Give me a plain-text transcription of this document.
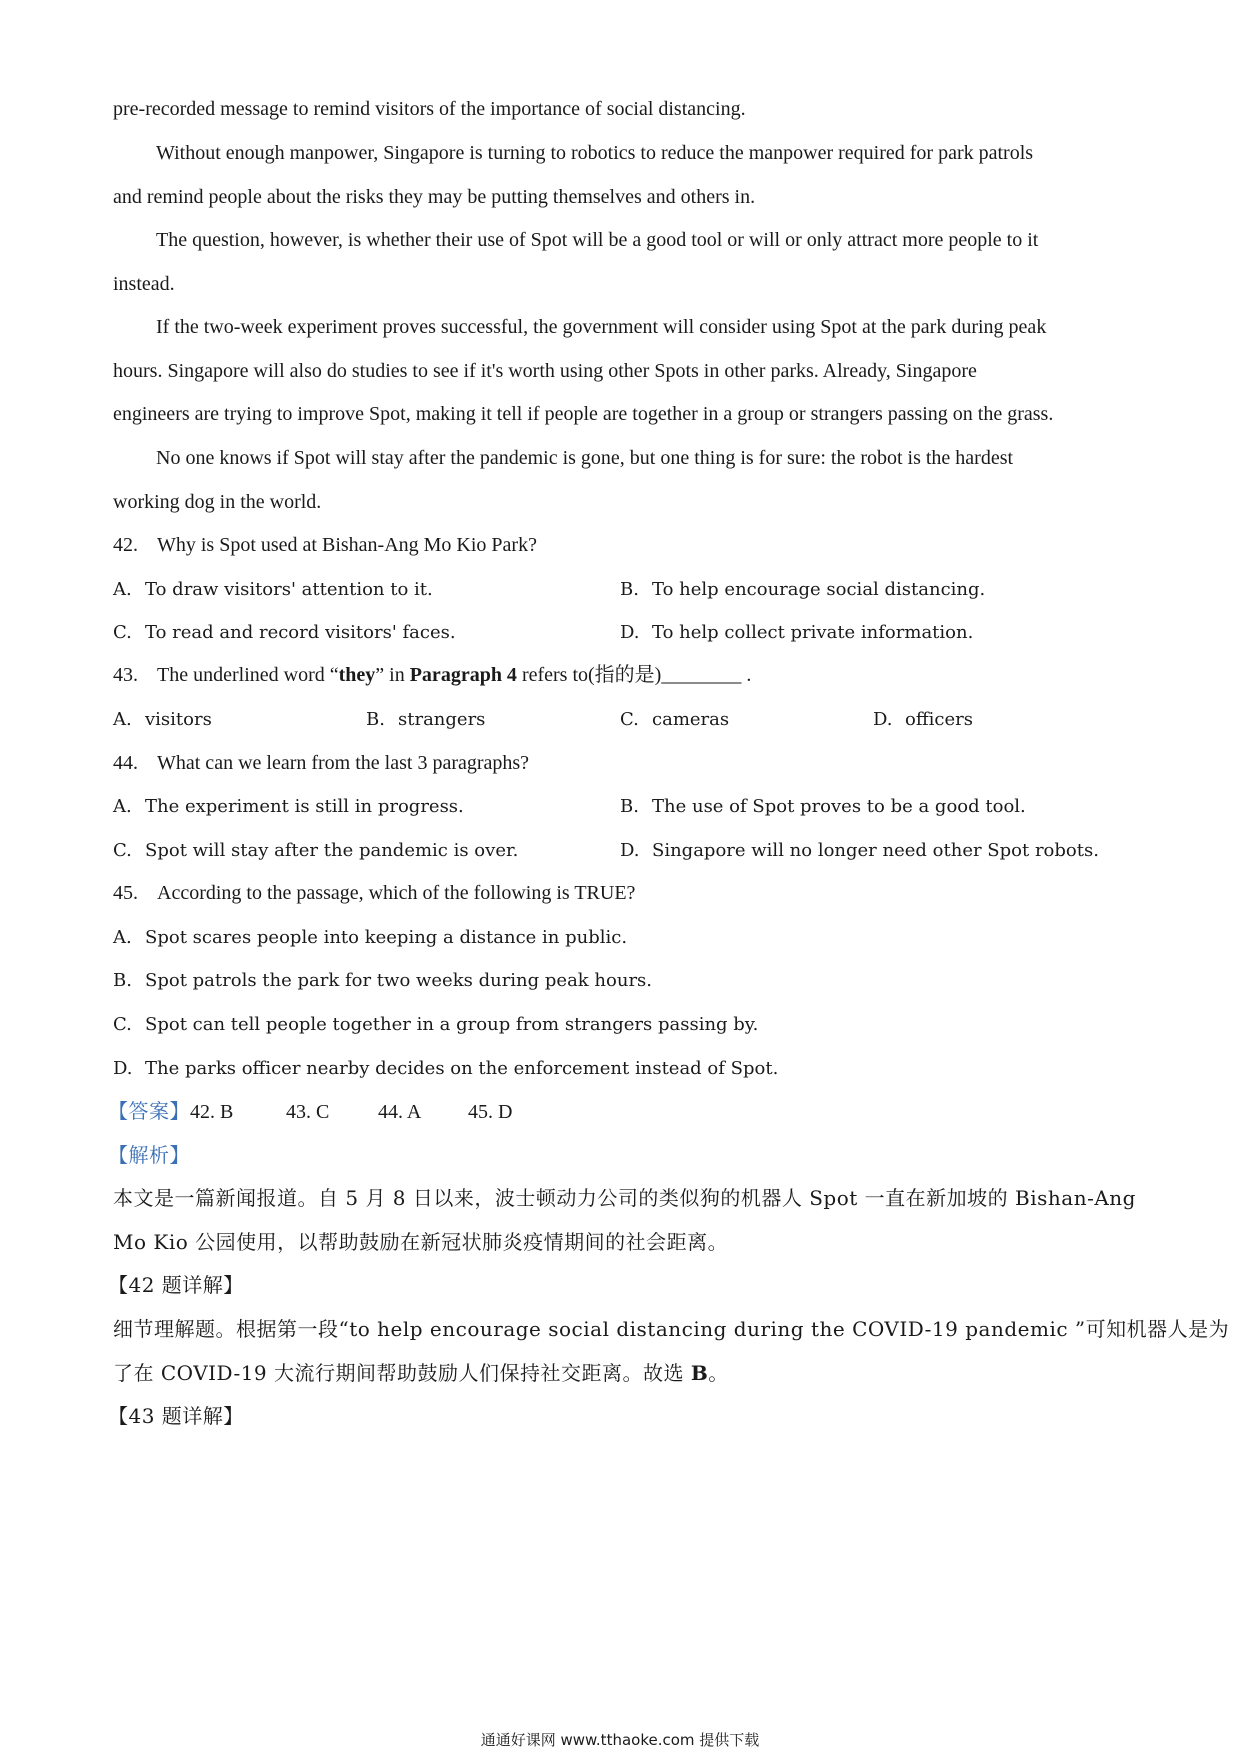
pre-recorded message to remind visitors of the importance of social distancing.
Without enough manpower, Singapore is turning to robotics to reduce the manpower required for park patrols
and remind people about the risks they may be putting themselves and others in.
The question, however, is whether their use of Spot will be a good tool or will or only attract more people to it
instead.
If the two-week experiment proves successful, the government will consider using Spot at the park during peak
hours. Singapore will also do studies to see if it's worth using other Spots in other parks. Already, Singapore
engineers are trying to improve Spot, making it tell if people are together in a group or strangers passing on the grass.
No one knows if Spot will stay after the pandemic is gone, but one thing is for sure: the robot is the hardest
working dog in the world.
42. Why is Spot used at Bishan-Ang Mo Kio Park?
A. To draw visitors' attention to it.	B. To help encourage social distancing.
C. To read and record visitors' faces.	D. To help collect private information.
43. The underlined word “they” in Paragraph 4 refers to(指的是)________ .
A. visitors	B. strangers	C. cameras	D. officers
44. What can we learn from the last 3 paragraphs?
A. The experiment is still in progress.	B. The use of Spot proves to be a good tool.
C. Spot will stay after the pandemic is over.	D. Singapore will no longer need other Spot robots.
45. According to the passage, which of the following is TRUE?
A. Spot scares people into keeping a distance in public.
B. Spot patrols the park for two weeks during peak hours.
C. Spot can tell people together in a group from strangers passing by.
D. The parks officer nearby decides on the enforcement instead of Spot.
【答案】42. B	43. C 44. A 45. D
【解析】
本文是一篇新闻报道。自 5 月 8 日以来，波士顿动力公司的类似狗的机器人 Spot 一直在新加坡的 Bishan-Ang
Mo Kio 公园使用，以帮助鼓励在新冠状肺炎疫情期间的社会距离。
【42 题详解】
细节理解题。根据第一段“to help encourage social distancing during the COVID-19 pandemic ”可知机器人是为
了在 COVID-19 大流行期间帮助鼓励人们保持社交距离。故选 B。
【43 题详解】
通通好课网 www.tthaoke.com 提供下载
